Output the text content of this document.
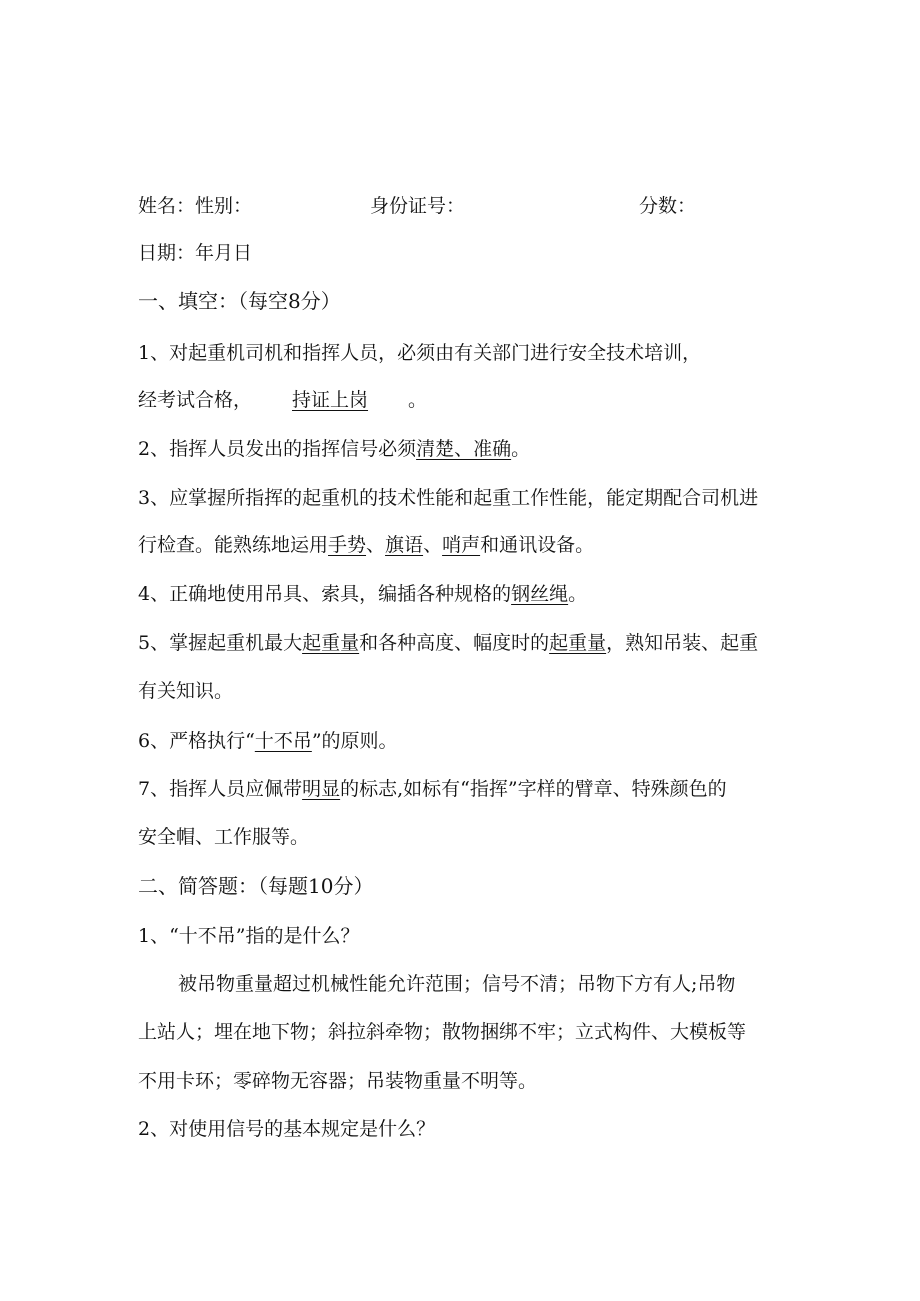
姓名：性别：	身份证号：	分数：
日期：年月日
一、填空：（每空8分）
1、对起重机司机和指挥人员，必须由有关部门进行安全技术培训，
经考试合格， 持证上岗 。
2、指挥人员发出的指挥信号必须清楚、准确。
3、应掌握所指挥的起重机的技术性能和起重工作性能，能定期配合司机进
行检查。能熟练地运用手势、旗语、哨声和通讯设备。
4、正确地使用吊具、索具，编插各种规格的钢丝绳。
5、掌握起重机最大起重量和各种高度、幅度时的起重量，熟知吊装、起重
有关知识。
6、严格执行“十不吊”的原则。
7、指挥人员应佩带明显的标志,如标有“指挥”字样的臂章、特殊颜色的
安全帽、工作服等。
二、简答题：（每题10分）
1、“十不吊”指的是什么？
被吊物重量超过机械性能允许范围；信号不清；吊物下方有人;吊物
上站人；埋在地下物；斜拉斜牵物；散物捆绑不牢；立式构件、大模板等
不用卡环；零碎物无容器；吊装物重量不明等。
2、对使用信号的基本规定是什么？
